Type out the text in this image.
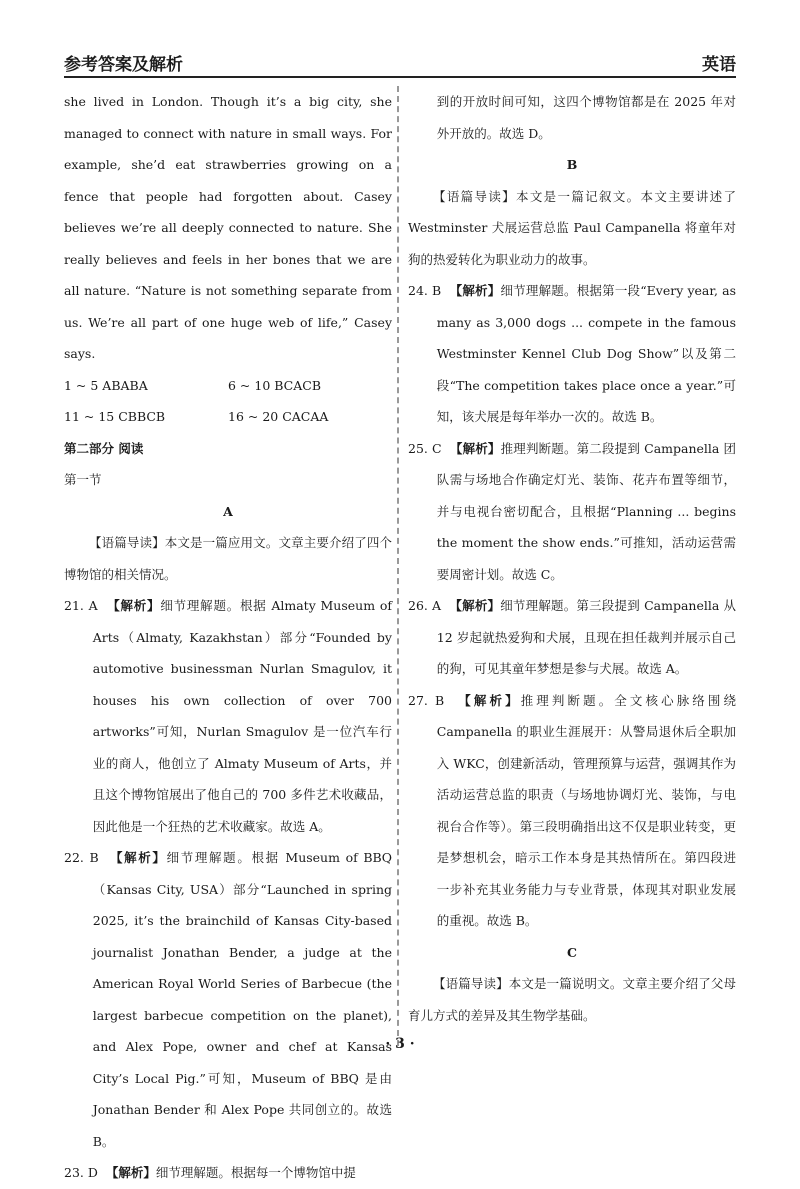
参考答案及解析	英语

she lived in London. Though it’s a big city, she managed to connect with nature in small ways. For example, she’d eat strawberries growing on a fence that people had forgotten about. Casey believes we’re all deeply connected to nature. She really believes and feels in her bones that we are all nature. “Nature is not something separate from us. We’re all part of one huge web of life,” Casey says.

1 ~ 5 ABABA	6 ~ 10 BCACB
11 ~ 15 CBBCB	16 ~ 20 CACAA

第二部分 阅读

第一节

A

【语篇导读】本文是一篇应用文。文章主要介绍了四个博物馆的相关情况。

21. A 【解析】细节理解题。根据 Almaty Museum of Arts（Almaty, Kazakhstan）部分“Founded by automotive businessman Nurlan Smagulov, it houses his own collection of over 700 artworks”可知，Nurlan Smagulov 是一位汽车行业的商人，他创立了 Almaty Museum of Arts，并且这个博物馆展出了他自己的 700 多件艺术收藏品，因此他是一个狂热的艺术收藏家。故选 A。

22. B 【解析】细节理解题。根据 Museum of BBQ（Kansas City, USA）部分“Launched in spring 2025, it’s the brainchild of Kansas City-based journalist Jonathan Bender, a judge at the American Royal World Series of Barbecue (the largest barbecue competition on the planet), and Alex Pope, owner and chef at Kansas City’s Local Pig.”可知，Museum of BBQ 是由 Jonathan Bender 和 Alex Pope 共同创立的。故选 B。

23. D 【解析】细节理解题。根据每一个博物馆中提

到的开放时间可知，这四个博物馆都是在 2025 年对外开放的。故选 D。

B

【语篇导读】本文是一篇记叙文。本文主要讲述了 Westminster 犬展运营总监 Paul Campanella 将童年对狗的热爱转化为职业动力的故事。

24. B 【解析】细节理解题。根据第一段“Every year, as many as 3,000 dogs ... compete in the famous Westminster Kennel Club Dog Show”以及第二段“The competition takes place once a year.”可知，该犬展是每年举办一次的。故选 B。

25. C 【解析】推理判断题。第二段提到 Campanella 团队需与场地合作确定灯光、装饰、花卉布置等细节，并与电视台密切配合，且根据“Planning ... begins the moment the show ends.”可推知，活动运营需要周密计划。故选 C。

26. A 【解析】细节理解题。第三段提到 Campanella 从 12 岁起就热爱狗和犬展，且现在担任裁判并展示自己的狗，可见其童年梦想是参与犬展。故选 A。

27. B 【解析】推理判断题。全文核心脉络围绕 Campanella 的职业生涯展开：从警局退休后全职加入 WKC，创建新活动，管理预算与运营，强调其作为活动运营总监的职责（与场地协调灯光、装饰，与电视台合作等）。第三段明确指出这不仅是职业转变，更是梦想机会，暗示工作本身是其热情所在。第四段进一步补充其业务能力与专业背景，体现其对职业发展的重视。故选 B。

C

【语篇导读】本文是一篇说明文。文章主要介绍了父母育儿方式的差异及其生物学基础。

· 3 ·
